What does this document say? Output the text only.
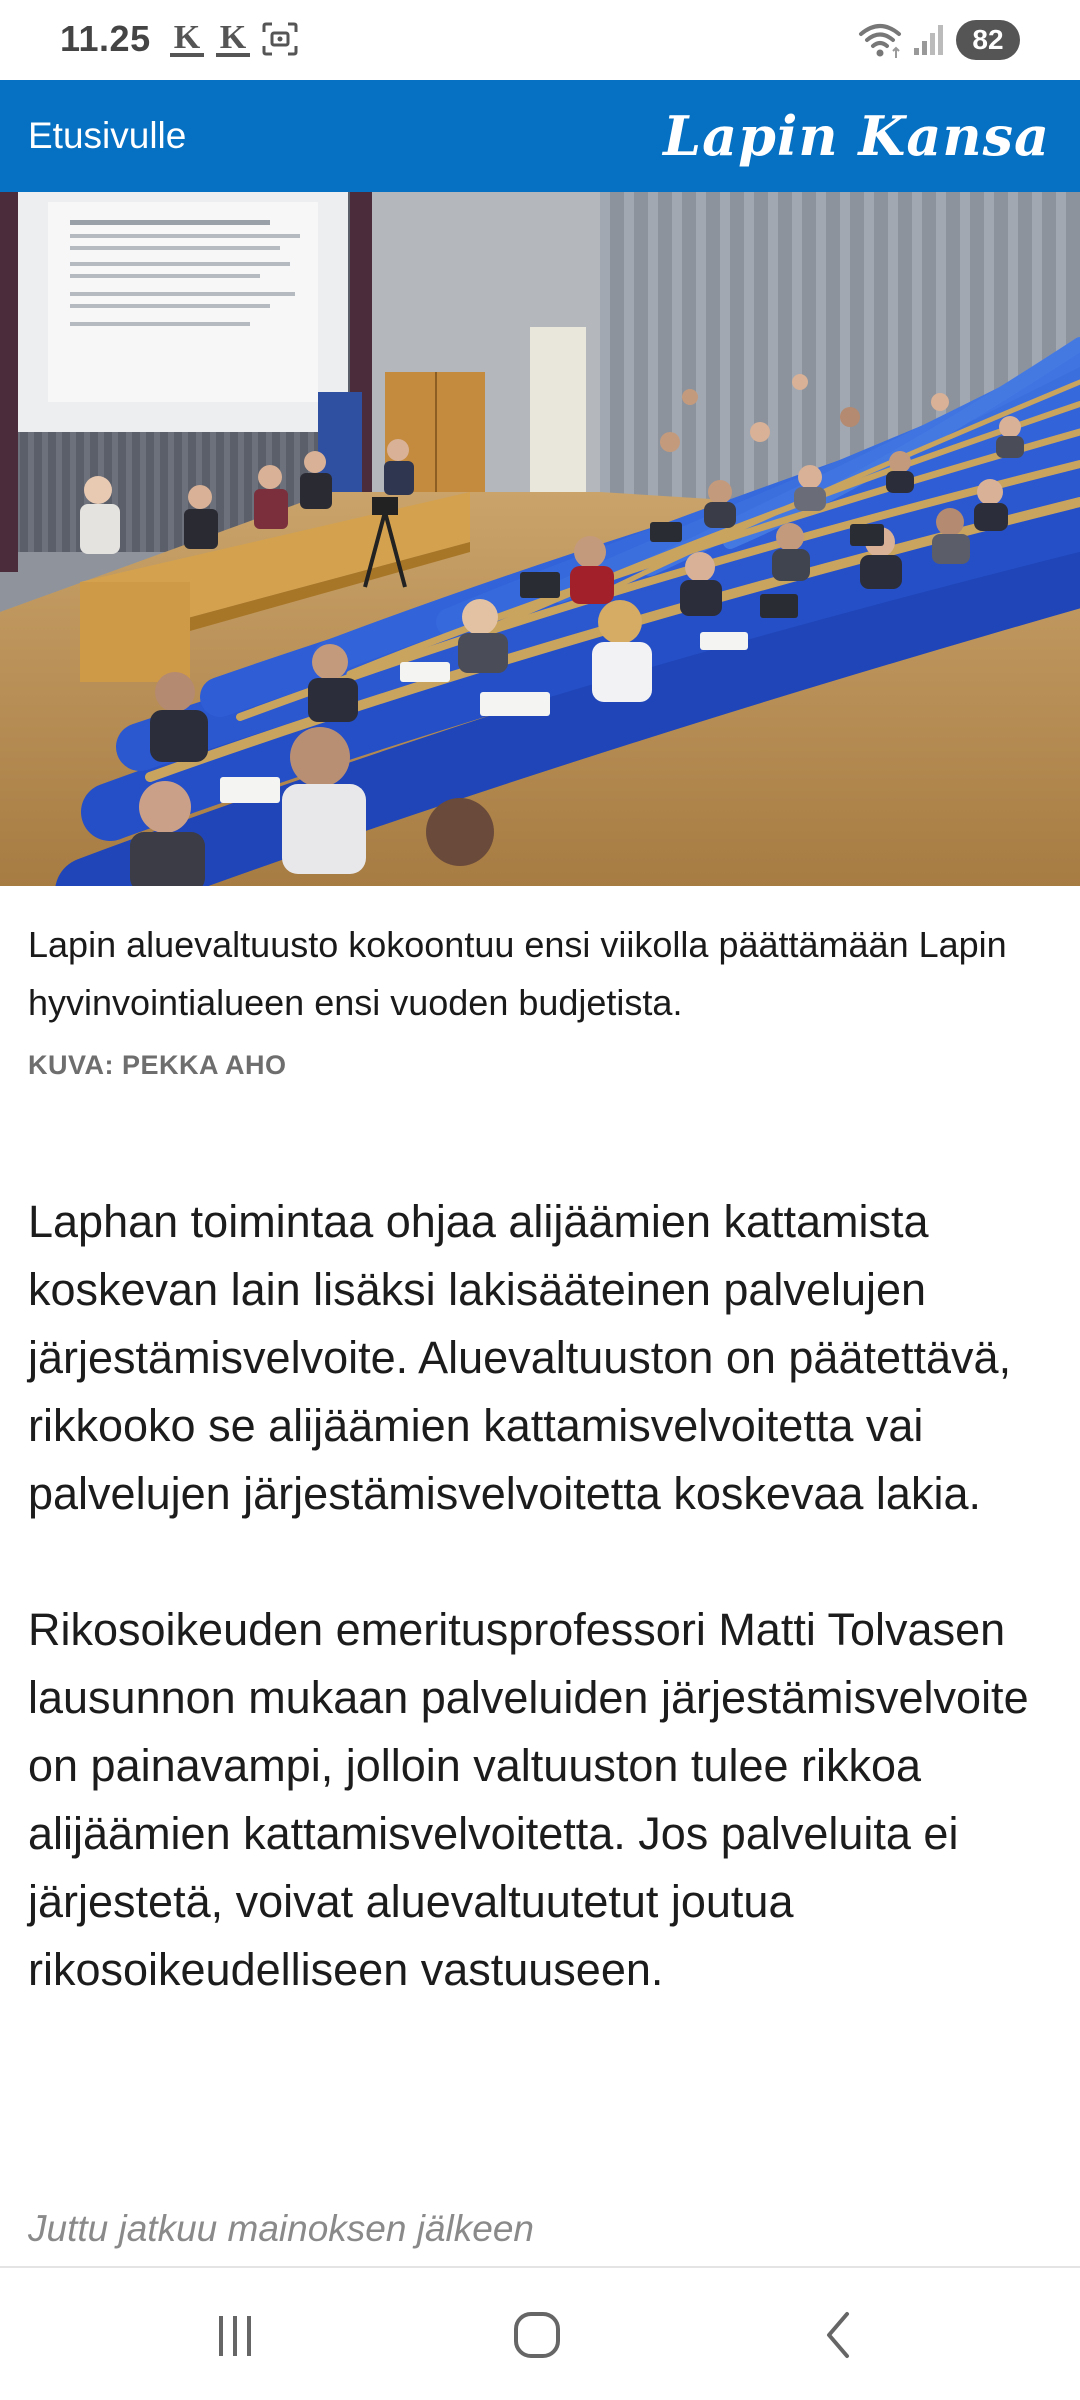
11.25 K K	82
Etusivulle	Lapin Kansa
Lapin aluevaltuusto kokoontuu ensi viikolla päättämään Lapin hyvinvointialueen ensi vuoden budjetista.
KUVA: PEKKA AHO

Laphan toimintaa ohjaa alijäämien kattamista koskevan lain lisäksi lakisääteinen palvelujen järjestämisvelvoite. Aluevaltuuston on päätettävä, rikkooko se alijäämien kattamisvelvoitetta vai palvelujen järjestämisvelvoitetta koskevaa lakia.

Rikosoikeuden emeritusprofessori Matti Tolvasen lausunnon mukaan palveluiden järjestämisvelvoite on painavampi, jolloin valtuuston tulee rikkoa alijäämien kattamisvelvoitetta. Jos palveluita ei järjestetä, voivat aluevaltuutetut joutua rikosoikeudelliseen vastuuseen.

Juttu jatkuu mainoksen jälkeen
